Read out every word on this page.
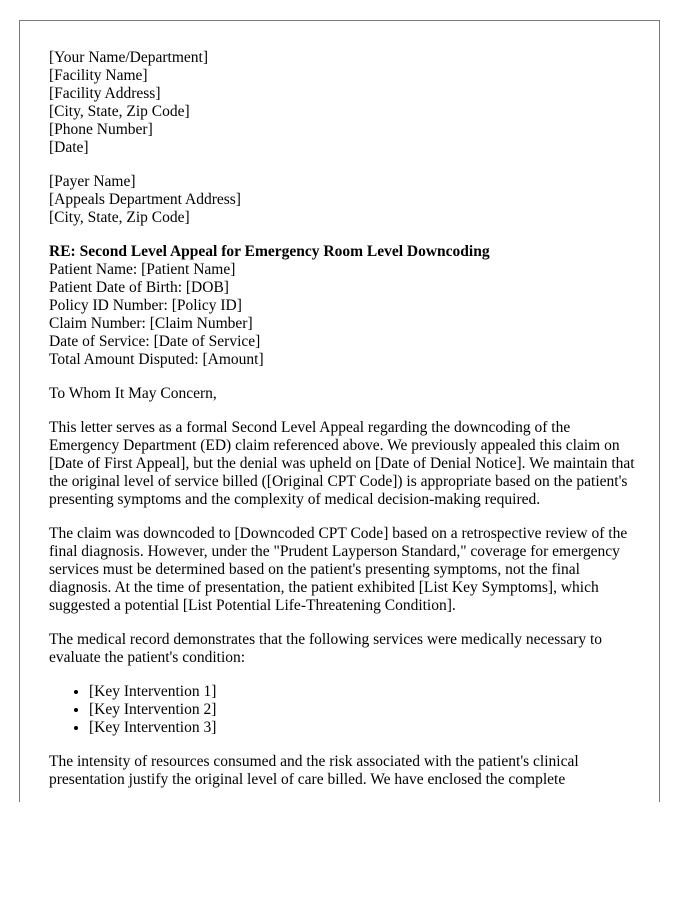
[Your Name/Department]
[Facility Name]
[Facility Address]
[City, State, Zip Code]
[Phone Number]
[Date]
[Payer Name]
[Appeals Department Address]
[City, State, Zip Code]
RE: Second Level Appeal for Emergency Room Level Downcoding
Patient Name: [Patient Name]
Patient Date of Birth: [DOB]
Policy ID Number: [Policy ID]
Claim Number: [Claim Number]
Date of Service: [Date of Service]
Total Amount Disputed: [Amount]

To Whom It May Concern,

This letter serves as a formal Second Level Appeal regarding the downcoding of the Emergency Department (ED) claim referenced above. We previously appealed this claim on [Date of First Appeal], but the denial was upheld on [Date of Denial Notice]. We maintain that the original level of service billed ([Original CPT Code]) is appropriate based on the patient's presenting symptoms and the complexity of medical decision-making required.

The claim was downcoded to [Downcoded CPT Code] based on a retrospective review of the final diagnosis. However, under the "Prudent Layperson Standard," coverage for emergency services must be determined based on the patient's presenting symptoms, not the final diagnosis. At the time of presentation, the patient exhibited [List Key Symptoms], which suggested a potential [List Potential Life-Threatening Condition].

The medical record demonstrates that the following services were medically necessary to evaluate the patient's condition:

• [Key Intervention 1]
• [Key Intervention 2]
• [Key Intervention 3]

The intensity of resources consumed and the risk associated with the patient's clinical presentation justify the original level of care billed. We have enclosed the complete
